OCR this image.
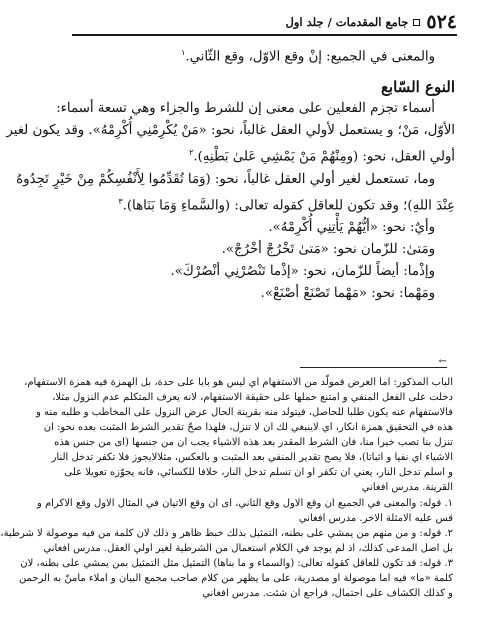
٥٢٤
جامع المقدمات / جلد اول
والمعنى في الجميع: إنْ وقع الاوّل، وقع الثّاني.$^١$
النوع السّابع
أسماء تجزم الفعلين على معنى إن للشرط والجزاء وهي تسعة أسماء:
الأوّل، مَنْ؛ و يستعمل لأولي العقل غالباً، نحو: «مَنْ يُكْرِمْنِي أُكْرِمْهُ». وقد يكون لغير
أولي العقل، نحو: (ومِنْهُمْ مَنْ يَمْشِي عَلىٰ بَطْنِهِ).$^٢$
وما، تستعمل لغير أولي العقل غالباً، نحو: (وَمَا تُقَدِّمُوا لِأَنْفُسِكُمْ مِنْ خَيْرٍ تَجِدُوهُ
عِنْدَ اللهِ)؛ وقد تكون للعاقل كقوله تعالى: (والسَّماءِ وَمَا بَنَاها).$^٣$
وأيٌ: نحو: «أيُّهُمْ يَأْتِنِي أُكْرِمْهُ».
ومَتىٰ: للزّمان نحو: «مَتىٰ تَخْرُجْ أخْرُجْ».
وإذْما: أيضاً للزّمان، نحو: «إذْما تَنْصُرْنِي أنْصُرْكَ».
ومَهْما: نحو: «مَهْما تَصْنَعْ أصْنَعْ».
←
الباب المذكور: اما العرض فمولّد من الاستفهام اي ليس هو بابا على حدة، بل الهمزة فيه همزة الاستفهام،
دخلت على الفعل المنفي و امتنع حملها على حقيقة الاستفهام، لانه يعرف المتكلم عدم النزول مثلا،
فالاستفهام عنه يكون طلبا للحاصل، فيتولد منه بقرينة الحال عرض النزول على المخاطب و طلبه منه و
هذه في التحقيق همزة انكار، اي لاينبغي لك ان لا تنزل، فلهذا صحّ تقدير الشرط المثبت بعده نحو: ان
تنزل بنا تصب خيرا منا، فان الشرط المقدر بعد هذه الاشياء يجب ان من جنسها (اى من جنس هذه
الاشياء اي نفيا و اثباتا)، فلا يصح تقدير المنفي بعد المثبت و بالعكس، مثلالايجوز فلا تكفر تدخل النار
و اسلم تدخل النار، يعني ان تكفر او ان تسلم تدخل النار، خلافا للكسائي، فانه يجوّزه تعويلا على
القرينة. مدرس افغاني
١. قوله: والمعنى في الجميع ان وقع الاول وقع الثاني، اى ان وقع الاتيان في المثال الاول وقع الاكرام و
قس عليه الامثلة الاخر. مدرس افغاني
٢. قوله: و من منهم من يمشي على بطنه، التمثيل بذلك خبط ظاهر و ذلك لان كلمة من فيه موصولة لا شرطية،
بل اصل المدعى كذلك، اذ لم يوجد في الكلام استعمال من الشرطية لغير اولي العقل. مدرس افغاني
٣. قوله: قد تكون للعاقل كقوله تعالى: (والسماء و ما بناها) التمثيل مثل التمثيل بمن يمشي على بطنه، لان
كلمة «ما» فيه اما موصولة او مصدرية، على ما يظهر من كلام صاحب مجمع البيان و املاء مامنّ به الرحمن
و كذلك الكشاف على احتمال، فراجع ان شئت. مدرس افغاني
